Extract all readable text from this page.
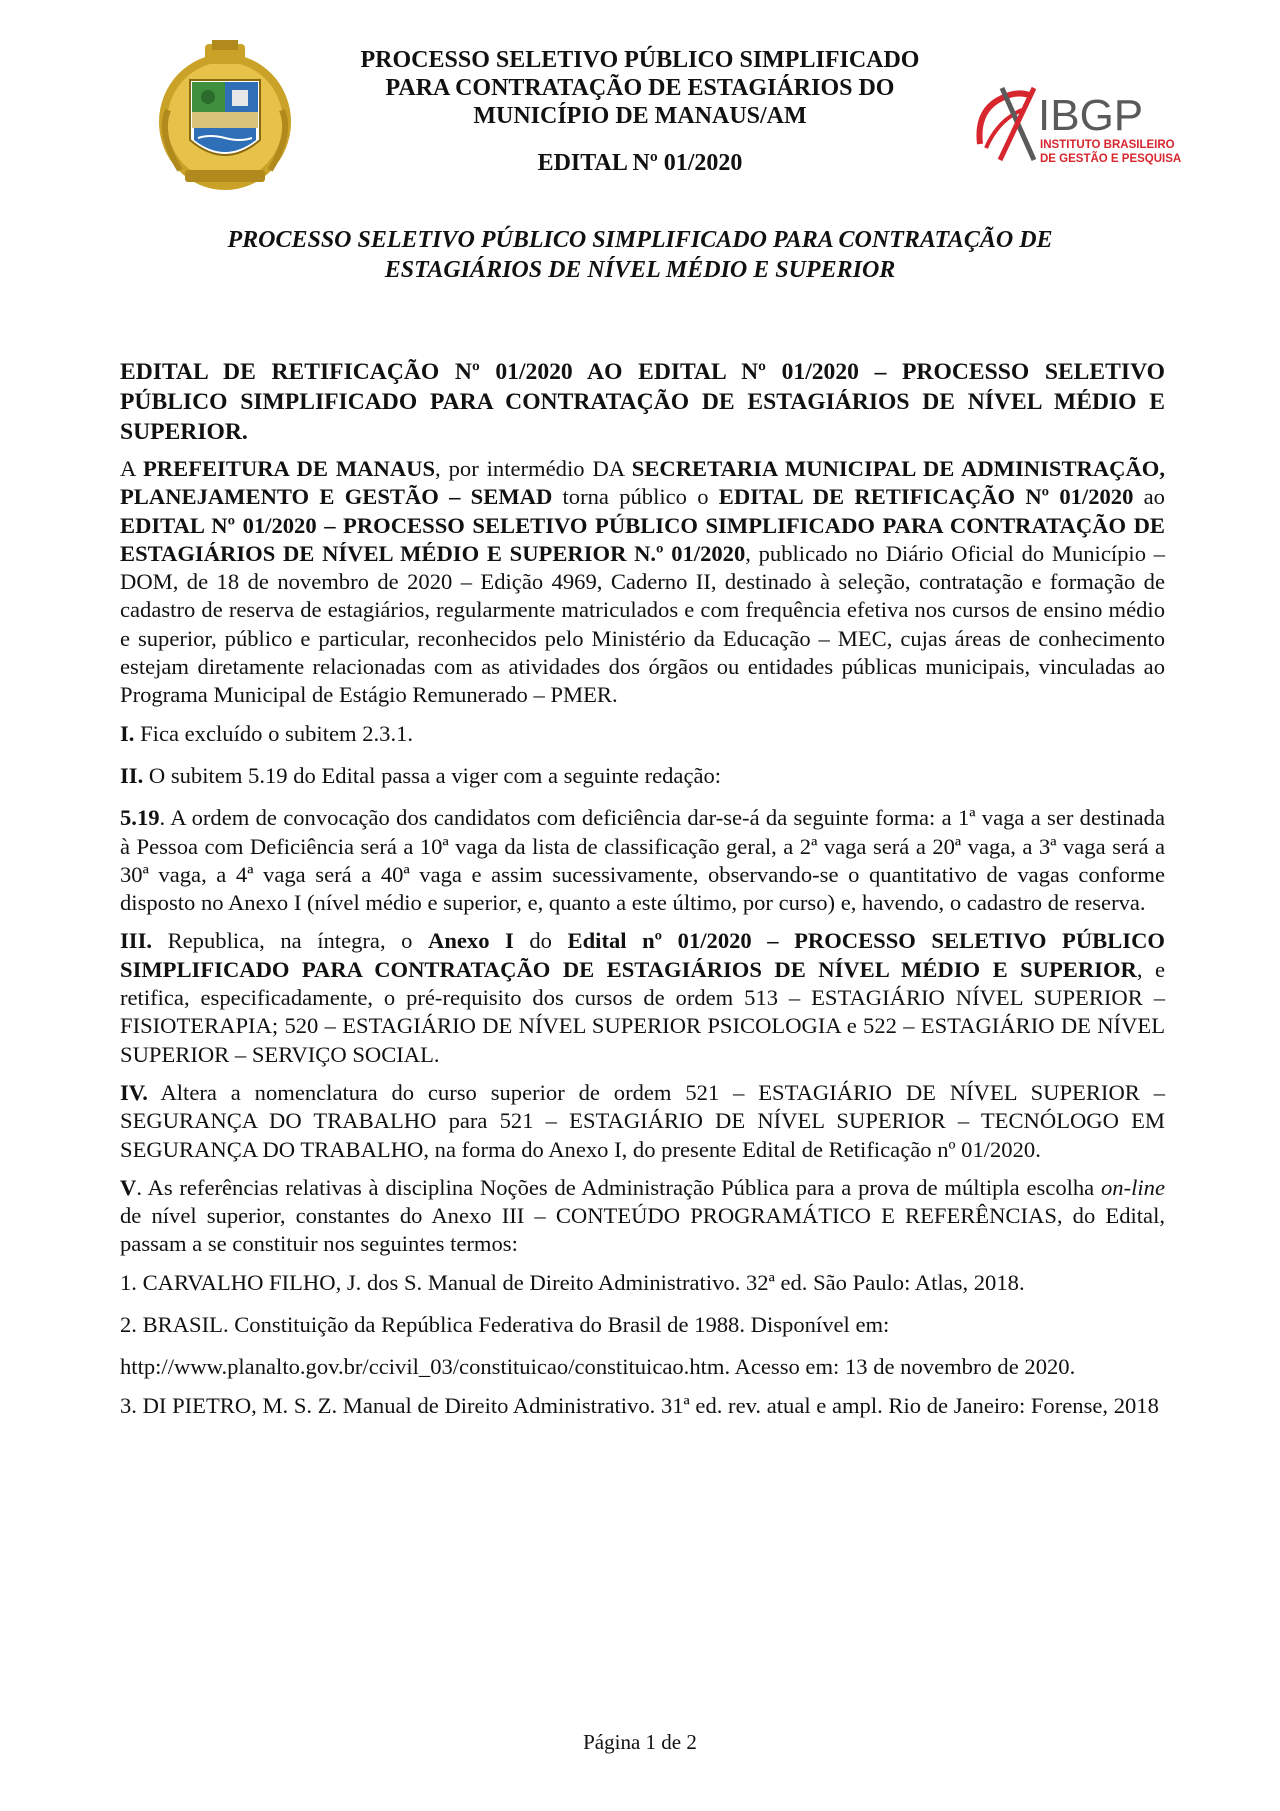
PROCESSO SELETIVO PÚBLICO SIMPLIFICADO
PARA CONTRATAÇÃO DE ESTAGIÁRIOS DO
MUNICÍPIO DE MANAUS/AM
EDITAL Nº 01/2020
IBGP
INSTITUTO BRASILEIRO
DE GESTÃO E PESQUISA
PROCESSO SELETIVO PÚBLICO SIMPLIFICADO PARA CONTRATAÇÃO DE
ESTAGIÁRIOS DE NÍVEL MÉDIO E SUPERIOR

EDITAL DE RETIFICAÇÃO Nº 01/2020 AO EDITAL Nº 01/2020 – PROCESSO SELETIVO PÚBLICO SIMPLIFICADO PARA CONTRATAÇÃO DE ESTAGIÁRIOS DE NÍVEL MÉDIO E SUPERIOR.

A PREFEITURA DE MANAUS, por intermédio DA SECRETARIA MUNICIPAL DE ADMINISTRAÇÃO, PLANEJAMENTO E GESTÃO – SEMAD torna público o EDITAL DE RETIFICAÇÃO Nº 01/2020 ao EDITAL Nº 01/2020 – PROCESSO SELETIVO PÚBLICO SIMPLIFICADO PARA CONTRATAÇÃO DE ESTAGIÁRIOS DE NÍVEL MÉDIO E SUPERIOR N.º 01/2020, publicado no Diário Oficial do Município – DOM, de 18 de novembro de 2020 – Edição 4969, Caderno II, destinado à seleção, contratação e formação de cadastro de reserva de estagiários, regularmente matriculados e com frequência efetiva nos cursos de ensino médio e superior, público e particular, reconhecidos pelo Ministério da Educação – MEC, cujas áreas de conhecimento estejam diretamente relacionadas com as atividades dos órgãos ou entidades públicas municipais, vinculadas ao Programa Municipal de Estágio Remunerado – PMER.

I. Fica excluído o subitem 2.3.1.

II. O subitem 5.19 do Edital passa a viger com a seguinte redação:

5.19. A ordem de convocação dos candidatos com deficiência dar-se-á da seguinte forma: a 1ª vaga a ser destinada à Pessoa com Deficiência será a 10ª vaga da lista de classificação geral, a 2ª vaga será a 20ª vaga, a 3ª vaga será a 30ª vaga, a 4ª vaga será a 40ª vaga e assim sucessivamente, observando-se o quantitativo de vagas conforme disposto no Anexo I (nível médio e superior, e, quanto a este último, por curso) e, havendo, o cadastro de reserva.

III. Republica, na íntegra, o Anexo I do Edital nº 01/2020 – PROCESSO SELETIVO PÚBLICO SIMPLIFICADO PARA CONTRATAÇÃO DE ESTAGIÁRIOS DE NÍVEL MÉDIO E SUPERIOR, e retifica, especificadamente, o pré-requisito dos cursos de ordem 513 – ESTAGIÁRIO NÍVEL SUPERIOR – FISIOTERAPIA; 520 – ESTAGIÁRIO DE NÍVEL SUPERIOR PSICOLOGIA e 522 – ESTAGIÁRIO DE NÍVEL SUPERIOR – SERVIÇO SOCIAL.

IV. Altera a nomenclatura do curso superior de ordem 521 – ESTAGIÁRIO DE NÍVEL SUPERIOR – SEGURANÇA DO TRABALHO para 521 – ESTAGIÁRIO DE NÍVEL SUPERIOR – TECNÓLOGO EM SEGURANÇA DO TRABALHO, na forma do Anexo I, do presente Edital de Retificação nº 01/2020.

V. As referências relativas à disciplina Noções de Administração Pública para a prova de múltipla escolha on-line de nível superior, constantes do Anexo III – CONTEÚDO PROGRAMÁTICO E REFERÊNCIAS, do Edital, passam a se constituir nos seguintes termos:

1. CARVALHO FILHO, J. dos S. Manual de Direito Administrativo. 32ª ed. São Paulo: Atlas, 2018.

2. BRASIL. Constituição da República Federativa do Brasil de 1988. Disponível em:

http://www.planalto.gov.br/ccivil_03/constituicao/constituicao.htm. Acesso em: 13 de novembro de 2020.

3. DI PIETRO, M. S. Z. Manual de Direito Administrativo. 31ª ed. rev. atual e ampl. Rio de Janeiro: Forense, 2018

Página 1 de 2
